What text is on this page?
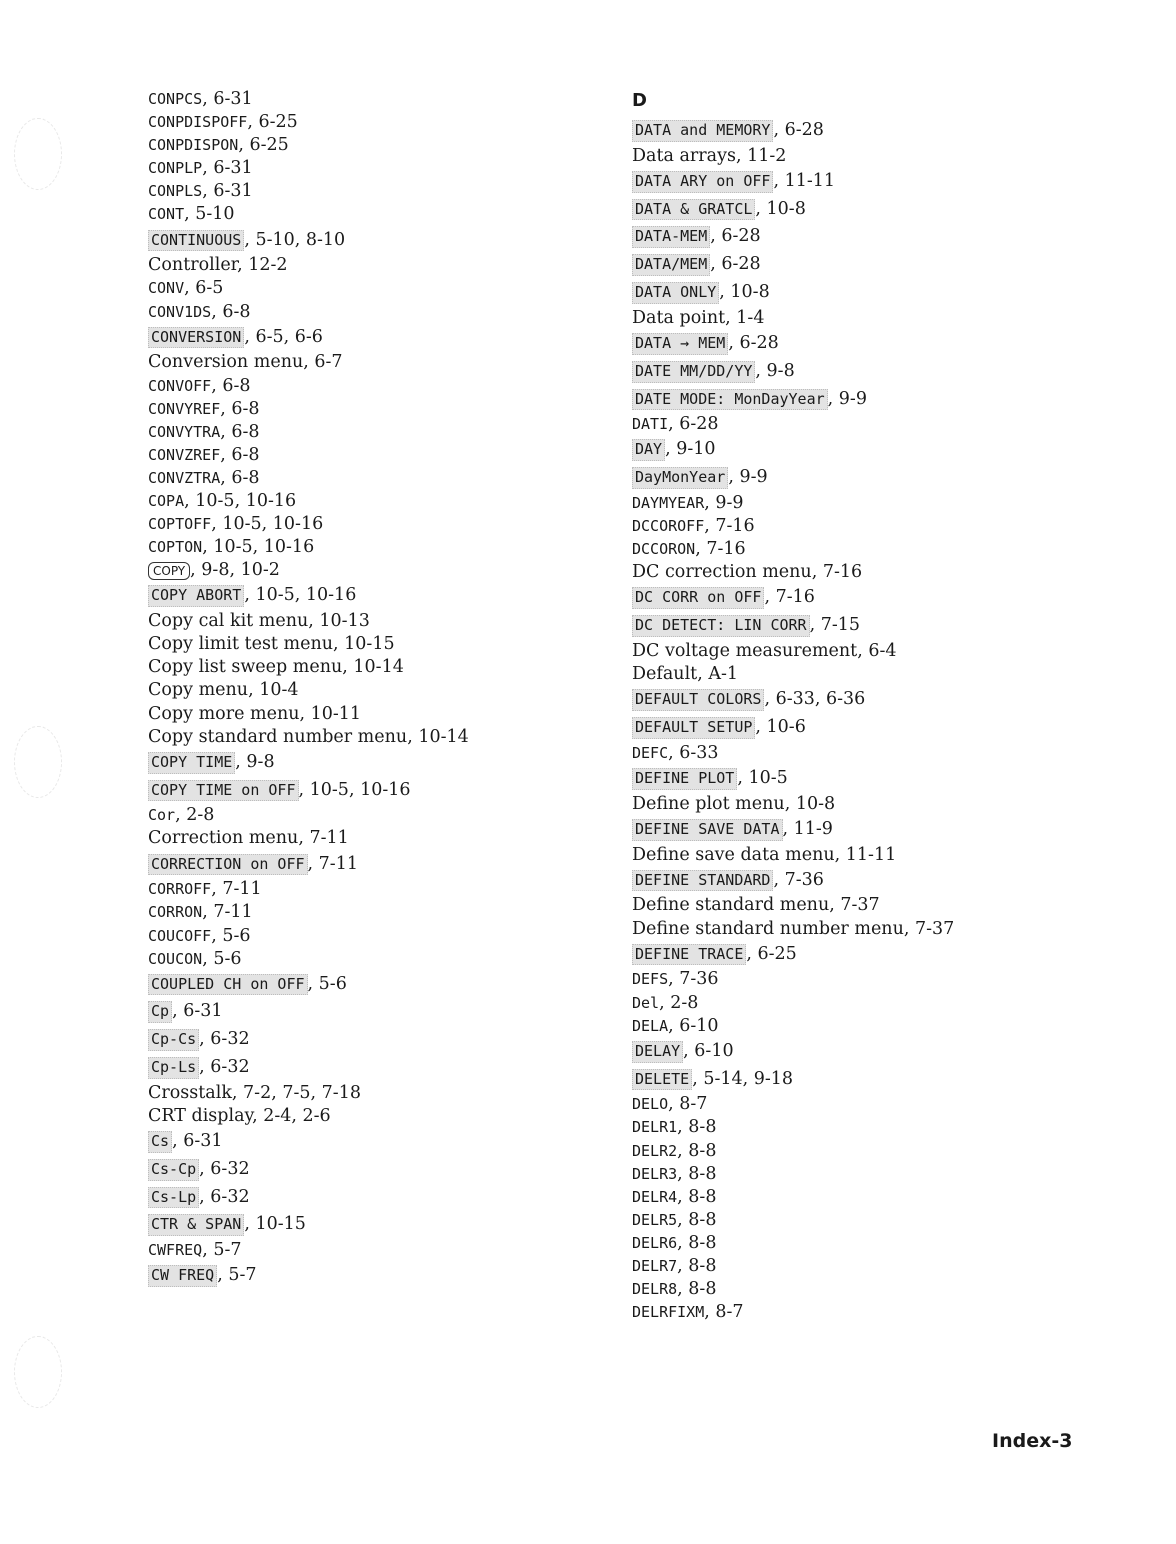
CONPCS, 6-31
CONPDISPOFF, 6-25
CONPDISPON, 6-25
CONPLP, 6-31
CONPLS, 6-31
CONT, 5-10
CONTINUOUS , 5-10, 8-10
Controller, 12-2
CONV, 6-5
CONV1DS, 6-8
CONVERSION , 6-5, 6-6
Conversion menu, 6-7
CONVOFF, 6-8
CONVYREF, 6-8
CONVYTRA, 6-8
CONVZREF, 6-8
CONVZTRA, 6-8
COPA, 10-5, 10-16
COPTOFF, 10-5, 10-16
COPTON, 10-5, 10-16
COPY , 9-8, 10-2
COPY ABORT , 10-5, 10-16
Copy cal kit menu, 10-13
Copy limit test menu, 10-15
Copy list sweep menu, 10-14
Copy menu, 10-4
Copy more menu, 10-11
Copy standard number menu, 10-14
COPY TIME , 9-8
COPY TIME on OFF , 10-5, 10-16
Cor, 2-8
Correction menu, 7-11
CORRECTION on OFF , 7-11
CORROFF, 7-11
CORRON, 7-11
COUCOFF, 5-6
COUCON, 5-6
COUPLED CH on OFF , 5-6
Cp , 6-31
Cp-Cs , 6-32
Cp-Ls , 6-32
Crosstalk, 7-2, 7-5, 7-18
CRT display, 2-4, 2-6
Cs , 6-31
Cs-Cp , 6-32
Cs-Lp , 6-32
CTR & SPAN , 10-15
CWFREQ, 5-7
CW FREQ , 5-7
D
DATA and MEMORY , 6-28
Data arrays, 11-2
DATA ARY on OFF , 11-11
DATA & GRATCL , 10-8
DATA-MEM , 6-28
DATA/MEM , 6-28
DATA ONLY , 10-8
Data point, 1-4
DATA → MEM , 6-28
DATE MM/DD/YY , 9-8
DATE MODE: MonDayYear , 9-9
DATI, 6-28
DAY , 9-10
DayMonYear , 9-9
DAYMYEAR, 9-9
DCCOROFF, 7-16
DCCORON, 7-16
DC correction menu, 7-16
DC CORR on OFF , 7-16
DC DETECT: LIN CORR , 7-15
DC voltage measurement, 6-4
Default, A-1
DEFAULT COLORS , 6-33, 6-36
DEFAULT SETUP , 10-6
DEFC, 6-33
DEFINE PLOT , 10-5
Define plot menu, 10-8
DEFINE SAVE DATA , 11-9
Define save data menu, 11-11
DEFINE STANDARD , 7-36
Define standard menu, 7-37
Define standard number menu, 7-37
DEFINE TRACE , 6-25
DEFS, 7-36
Del, 2-8
DELA, 6-10
DELAY , 6-10
DELETE , 5-14, 9-18
DELO, 8-7
DELR1, 8-8
DELR2, 8-8
DELR3, 8-8
DELR4, 8-8
DELR5, 8-8
DELR6, 8-8
DELR7, 8-8
DELR8, 8-8
DELRFIXM, 8-7
Index-3
